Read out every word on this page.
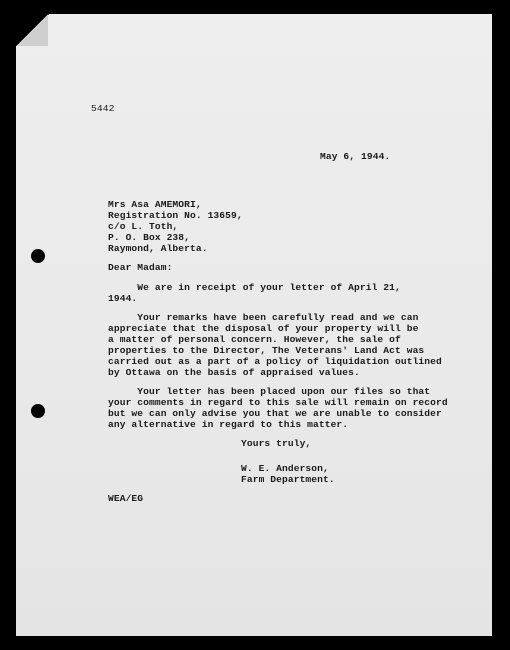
5442

May 6, 1944.

Mrs Asa AMEMORI,

Registration No. 13659,

c/o L. Toth,

P. O. Box 238,

Raymond, Alberta.

Dear Madam:

We are in receipt of your letter of April 21,

1944.

Your remarks have been carefully read and we can

appreciate that the disposal of your property will be

a matter of personal concern. However, the sale of

properties to the Director, The Veterans' Land Act was

carried out as a part of a policy of liquidation outlined

by Ottawa on the basis of appraised values.

Your letter has been placed upon our files so that

your comments in regard to this sale will remain on record

but we can only advise you that we are unable to consider

any alternative in regard to this matter.

Yours truly,

W. E. Anderson,

Farm Department.

WEA/EG
